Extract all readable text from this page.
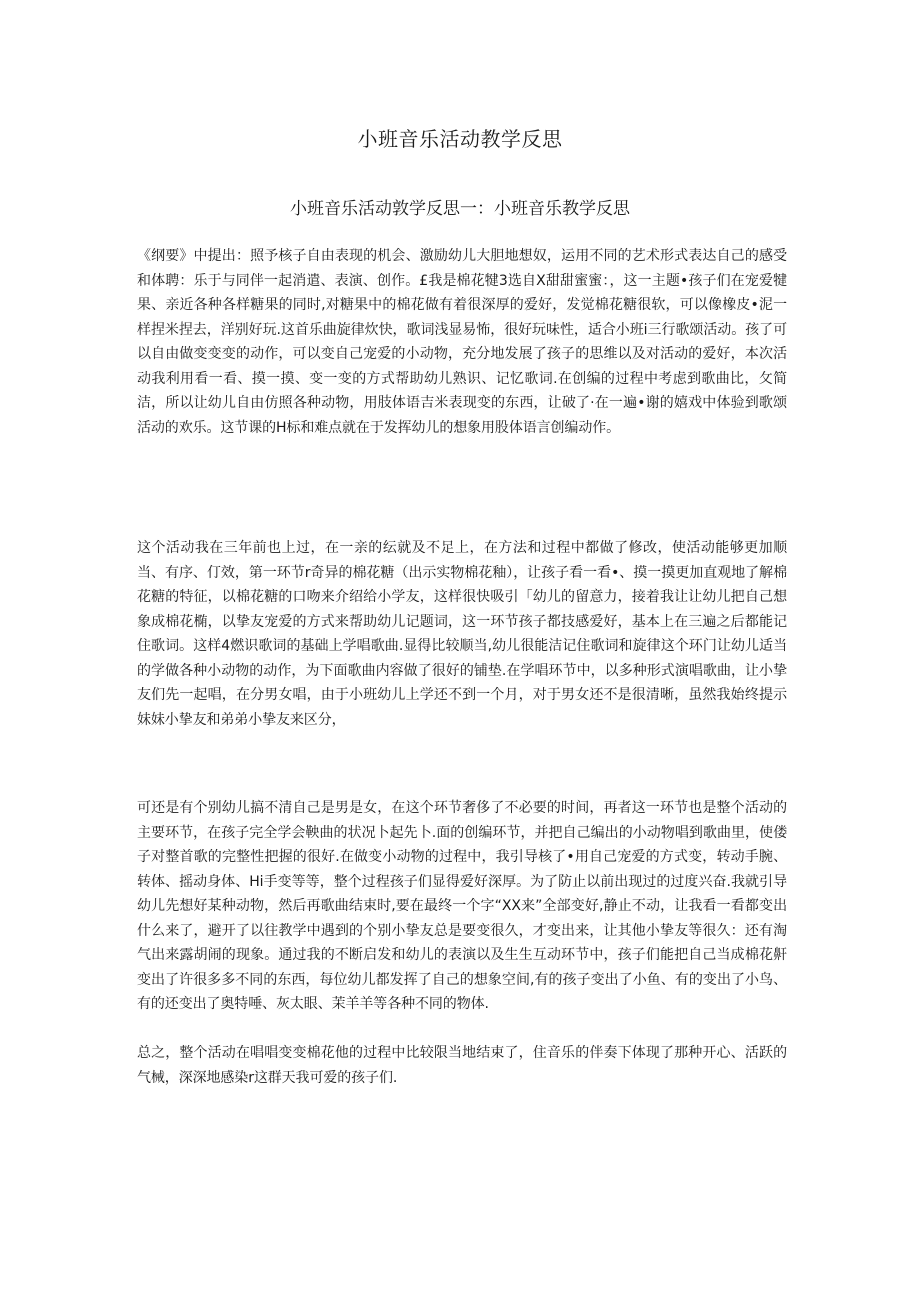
小班音乐活动教学反思
小班音乐活动敦学反思一：小班音乐教学反思

《纲要》中提出：照予核子自由表现的机会、激励幼儿大胆地想奴，运用不同的艺术形式表达自己的感受和体聘：乐于与同伴一起消遣、表演、创作。£我是棉花犍3选自X甜甜蜜蜜：，这一主题•孩子们在宠爱犍果、亲近各种各样糖果的同时,对糖果中的棉花做有着很深厚的爱好，发觉棉花糖很软，可以像橡皮•泥一样捏米捏去，洋别好玩.这首乐曲旋律炊快，歌词浅显易怖，很好玩味性，适合小班i三行歌颂活动。孩了可以自由做变变变的动作，可以变自己宠爱的小动物，充分地发展了孩子的思维以及对活动的爱好，本次活动我利用看一看、摸一摸、变一变的方式帮助幼儿熟识、记忆歌词.在创编的过程中考虑到歌曲比，攵简洁，所以让幼儿自由仿照各种动物，用肢体语吉米表现变的东西，让破了·在一遍•谢的嬉戏中体验到歌颂活动的欢乐。这节课的H标和难点就在于发挥幼儿的想象用股体语言创编动作。

这个活动我在三年前也上过，在一亲的纭就及不足上，在方法和过程中都做了修改，使活动能够更加顺当、有序、仃效，第一环节r奇异的棉花糖（出示实物棉花釉），让孩子看一看•、摸一摸更加直观地了解棉花糖的特征，以棉花糖的口吻来介绍给小学友，这样很快吸引「幼儿的留意力，接着我让让幼儿把自己想象成棉花椭，以挚友宠爱的方式来帮助幼儿记题词，这一环节孩子都技感爱好，基本上在三遍之后都能记住歌词。这样4燃识歌词的基础上学唱歌曲.显得比较顺当,幼儿很能洁记住歌词和旋律这个环门让幼儿适当的学做各种小动物的动作，为下面歌曲内容做了很好的铺垫.在学唱环节中，以多种形式演唱歌曲，让小挚友们先一起唱，在分男女唱，由于小班幼儿上学还不到一个月，对于男女还不是很清晰，虽然我始终提示妹妹小挚友和弟弟小挚友来区分，

可还是有个别幼儿搞不清自己是男是女，在这个环节奢侈了不必要的时间，再者这一环节也是整个活动的主要环节，在孩子完全学会鞅曲的状况卜起先卜.面的创编环节，并把自己编出的小动物唱到歌曲里，使偻子对整首歌的完整性把握的很好.在做变小动物的过程中，我引导核了•用自己宠爱的方式变，转动手腕、转体、摇动身体、Hi手变等等，整个过程孩子们显得爱好深厚。为了防止以前出现过的过度兴奋.我就引导幼儿先想好某种动物，然后再歌曲结束时,要在最终一个字“XX来”全部变好,静止不动，让我看一看都变出什么来了，避开了以往教学中遇到的个别小挚友总是要变很久，才变出来，让其他小挚友等很久：还有淘气出来露胡闹的现象。通过我的不断启发和幼儿的表演以及生生互动环节中，孩子们能把自己当成棉花鼾变出了许很多多不同的东西，每位幼儿都发挥了自己的想象空间,有的孩子变出了小鱼、有的变出了小鸟、有的还变出了奥特唾、灰太眼、茉羊羊等各种不同的物体.

总之，整个活动在唱唱变变棉花他的过程中比较限当地结束了，住音乐的伴奏下体现了那种开心、活跃的气械，深深地感染r这群天我可爱的孩子们.
